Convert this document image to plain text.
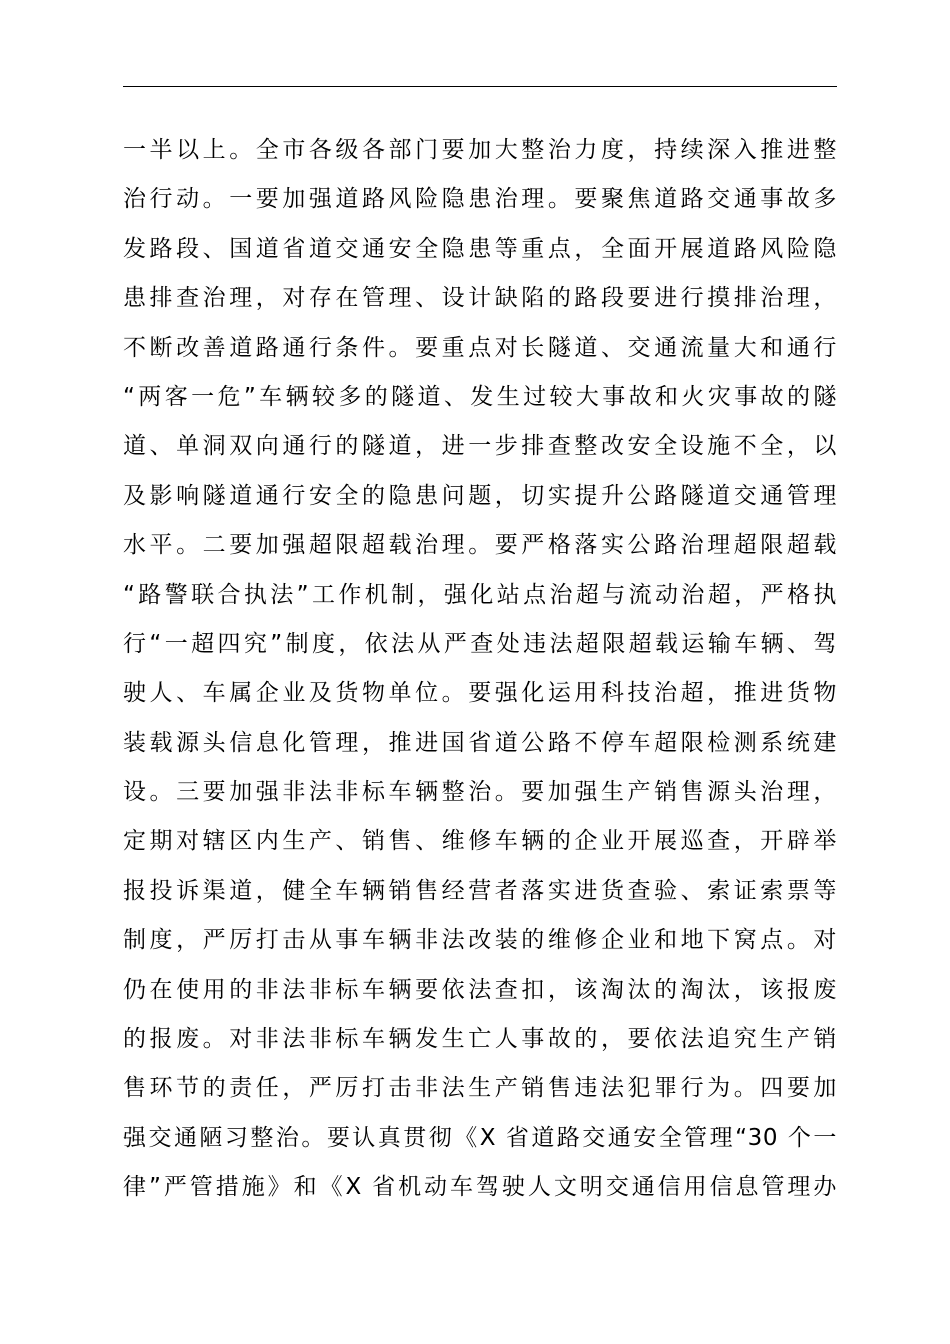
一半以上。全市各级各部门要加大整治力度，持续深入推进整
治行动。一要加强道路风险隐患治理。要聚焦道路交通事故多
发路段、国道省道交通安全隐患等重点，全面开展道路风险隐
患排查治理，对存在管理、设计缺陷的路段要进行摸排治理，
不断改善道路通行条件。要重点对长隧道、交通流量大和通行
“两客一危”车辆较多的隧道、发生过较大事故和火灾事故的隧
道、单洞双向通行的隧道，进一步排查整改安全设施不全，以
及影响隧道通行安全的隐患问题，切实提升公路隧道交通管理
水平。二要加强超限超载治理。要严格落实公路治理超限超载
“路警联合执法”工作机制，强化站点治超与流动治超，严格执
行“一超四究”制度，依法从严查处违法超限超载运输车辆、驾
驶人、车属企业及货物单位。要强化运用科技治超，推进货物
装载源头信息化管理，推进国省道公路不停车超限检测系统建
设。三要加强非法非标车辆整治。要加强生产销售源头治理，
定期对辖区内生产、销售、维修车辆的企业开展巡查，开辟举
报投诉渠道，健全车辆销售经营者落实进货查验、索证索票等
制度，严厉打击从事车辆非法改装的维修企业和地下窝点。对
仍在使用的非法非标车辆要依法查扣，该淘汰的淘汰，该报废
的报废。对非法非标车辆发生亡人事故的，要依法追究生产销
售环节的责任，严厉打击非法生产销售违法犯罪行为。四要加
强交通陋习整治。要认真贯彻《X 省道路交通安全管理“30 个一
律”严管措施》和《X 省机动车驾驶人文明交通信用信息管理办
